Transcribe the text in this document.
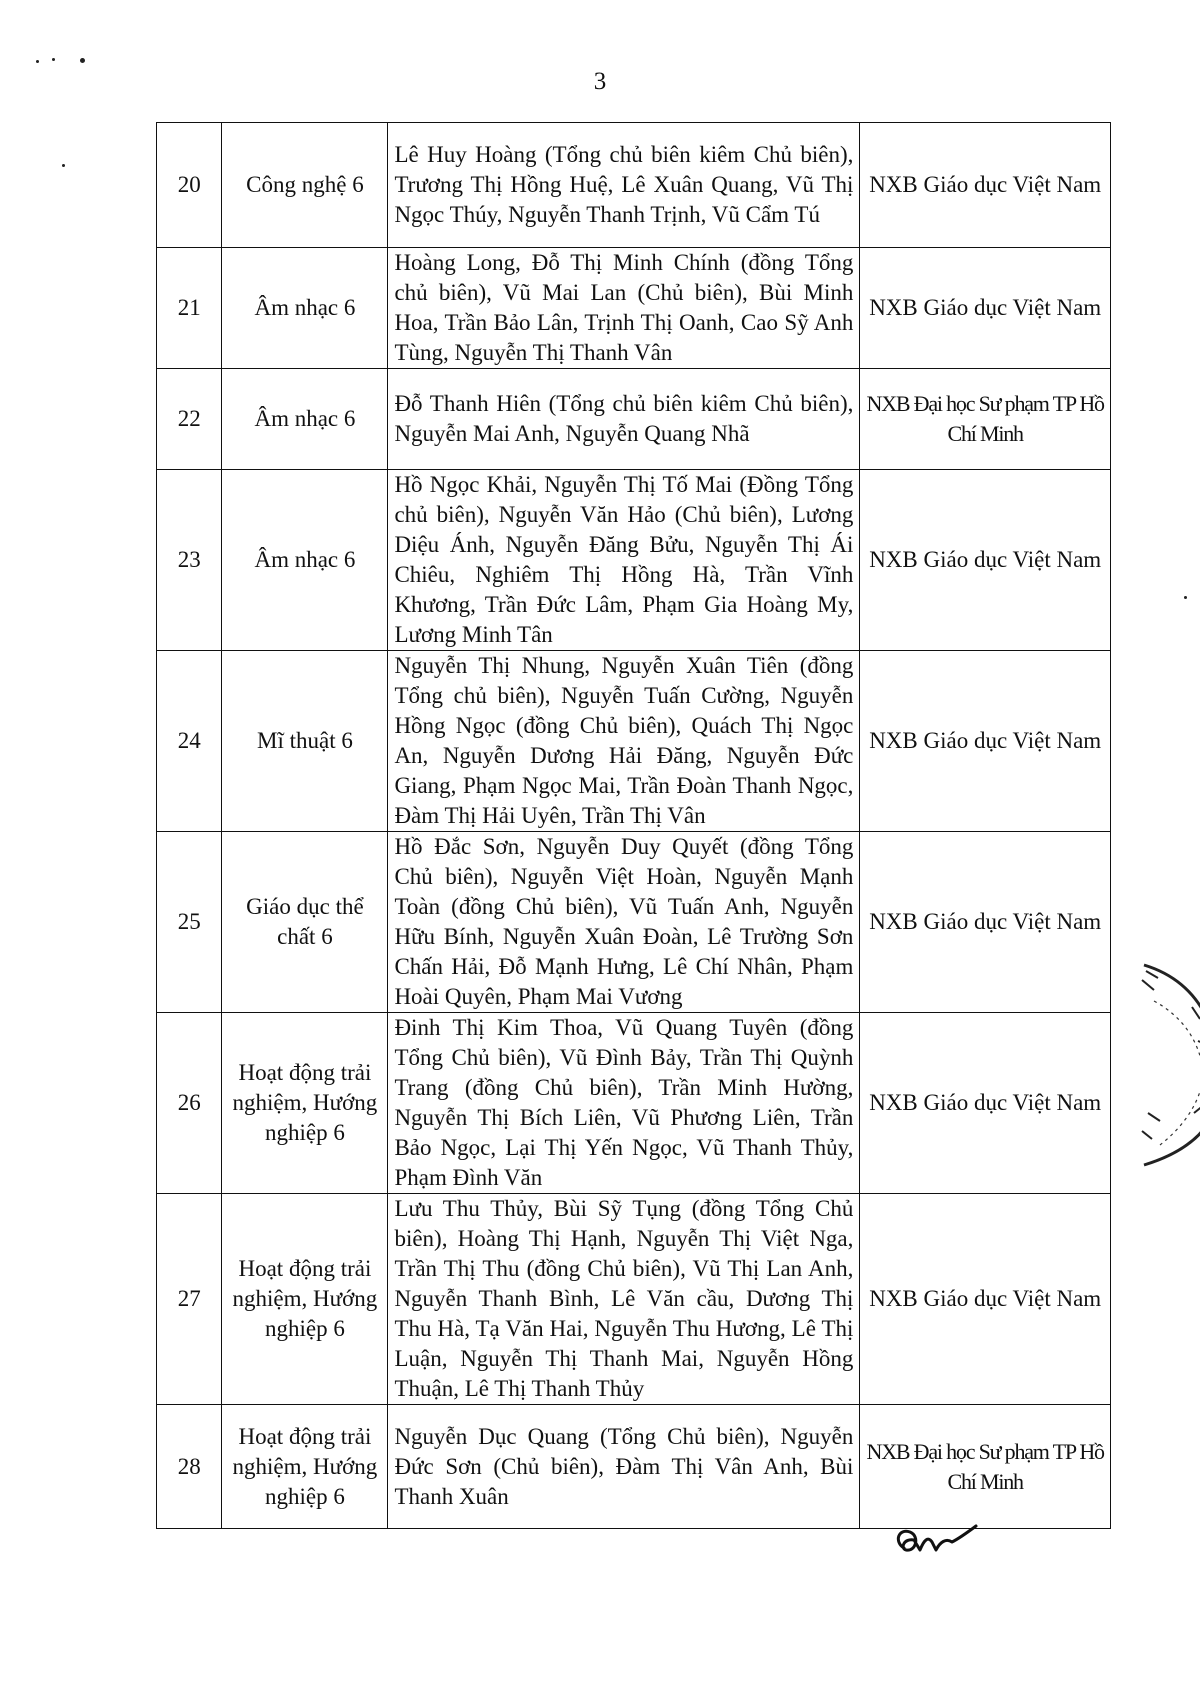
3
20	Công nghệ 6	Lê Huy Hoàng (Tổng chủ biên kiêm Chủ biên), Trương Thị Hồng Huệ, Lê Xuân Quang, Vũ Thị Ngọc Thúy, Nguyễn Thanh Trịnh, Vũ Cẩm Tú	NXB Giáo dục Việt Nam
21	Âm nhạc 6	Hoàng Long, Đỗ Thị Minh Chính (đồng Tổng chủ biên), Vũ Mai Lan (Chủ biên), Bùi Minh Hoa, Trần Bảo Lân, Trịnh Thị Oanh, Cao Sỹ Anh Tùng, Nguyễn Thị Thanh Vân	NXB Giáo dục Việt Nam
22	Âm nhạc 6	Đỗ Thanh Hiên (Tổng chủ biên kiêm Chủ biên), Nguyễn Mai Anh, Nguyễn Quang Nhã	NXB Đại học Sư phạm TP Hồ Chí Minh
23	Âm nhạc 6	Hồ Ngọc Khải, Nguyễn Thị Tố Mai (Đồng Tổng chủ biên), Nguyễn Văn Hảo (Chủ biên), Lương Diệu Ánh, Nguyễn Đăng Bửu, Nguyễn Thị Ái Chiêu, Nghiêm Thị Hồng Hà, Trần Vĩnh Khương, Trần Đức Lâm, Phạm Gia Hoàng My, Lương Minh Tân	NXB Giáo dục Việt Nam
24	Mĩ thuật 6	Nguyễn Thị Nhung, Nguyễn Xuân Tiên (đồng Tổng chủ biên), Nguyễn Tuấn Cường, Nguyễn Hồng Ngọc (đồng Chủ biên), Quách Thị Ngọc An, Nguyễn Dương Hải Đăng, Nguyễn Đức Giang, Phạm Ngọc Mai, Trần Đoàn Thanh Ngọc, Đàm Thị Hải Uyên, Trần Thị Vân	NXB Giáo dục Việt Nam
25	Giáo dục thể chất 6	Hồ Đắc Sơn, Nguyễn Duy Quyết (đồng Tổng Chủ biên), Nguyễn Việt Hoàn, Nguyễn Mạnh Toàn (đồng Chủ biên), Vũ Tuấn Anh, Nguyễn Hữu Bính, Nguyễn Xuân Đoàn, Lê Trường Sơn Chấn Hải, Đỗ Mạnh Hưng, Lê Chí Nhân, Phạm Hoài Quyên, Phạm Mai Vương	NXB Giáo dục Việt Nam
26	Hoạt động trải nghiệm, Hướng nghiệp 6	Đinh Thị Kim Thoa, Vũ Quang Tuyên (đồng Tổng Chủ biên), Vũ Đình Bảy, Trần Thị Quỳnh Trang (đồng Chủ biên), Trần Minh Hường, Nguyễn Thị Bích Liên, Vũ Phương Liên, Trần Bảo Ngọc, Lại Thị Yến Ngọc, Vũ Thanh Thủy, Phạm Đình Văn	NXB Giáo dục Việt Nam
27	Hoạt động trải nghiệm, Hướng nghiệp 6	Lưu Thu Thủy, Bùi Sỹ Tụng (đồng Tổng Chủ biên), Hoàng Thị Hạnh, Nguyễn Thị Việt Nga, Trần Thị Thu (đồng Chủ biên), Vũ Thị Lan Anh, Nguyễn Thanh Bình, Lê Văn cầu, Dương Thị Thu Hà, Tạ Văn Hai, Nguyễn Thu Hương, Lê Thị Luận, Nguyễn Thị Thanh Mai, Nguyễn Hồng Thuận, Lê Thị Thanh Thủy	NXB Giáo dục Việt Nam
28	Hoạt động trải nghiệm, Hướng nghiệp 6	Nguyễn Dục Quang (Tổng Chủ biên), Nguyễn Đức Sơn (Chủ biên), Đàm Thị Vân Anh, Bùi Thanh Xuân	NXB Đại học Sư phạm TP Hồ Chí Minh
